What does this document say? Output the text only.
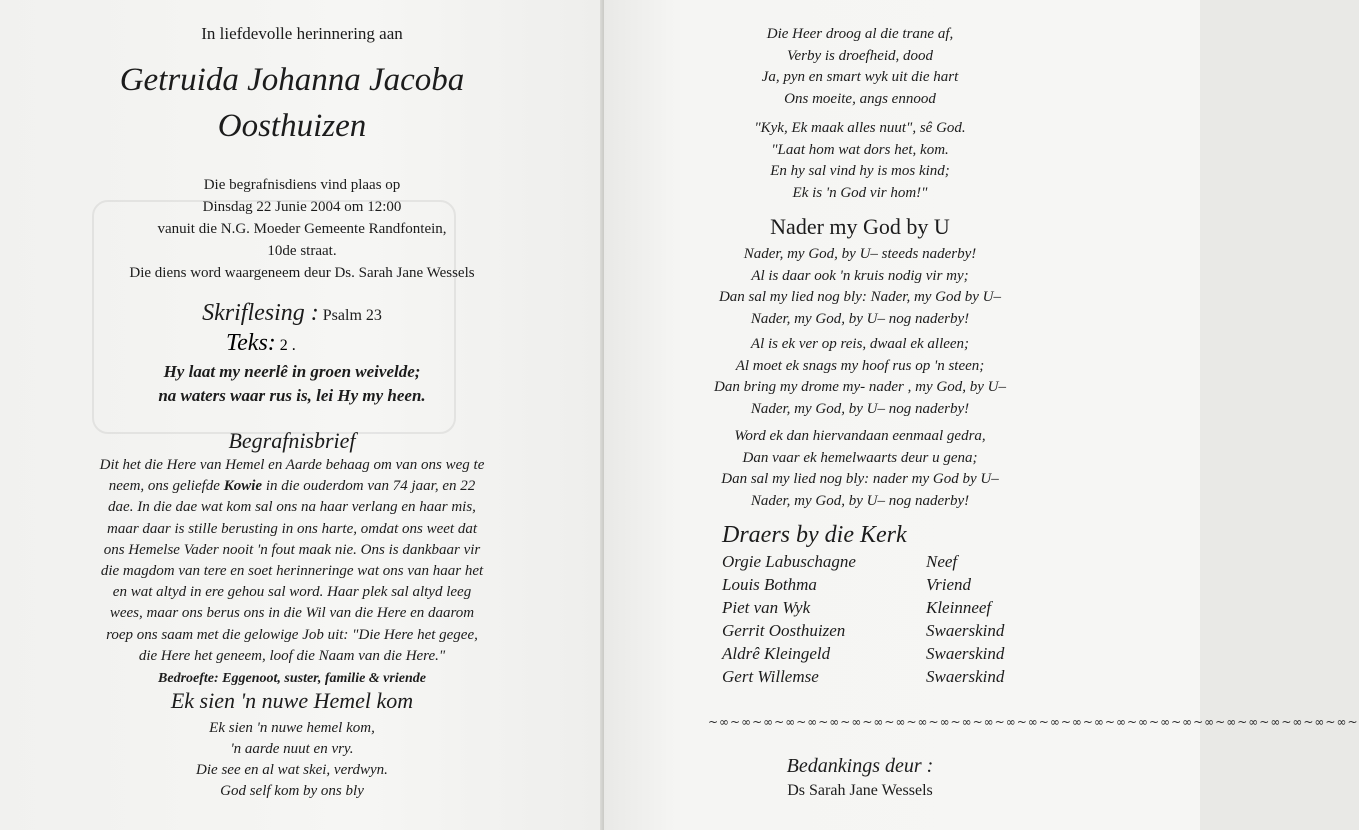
In liefdevolle herinnering aan
Getruida Johanna Jacoba
Oosthuizen
Die begrafnisdiens vind plaas op
Dinsdag 22 Junie 2004 om 12:00
vanuit die N.G. Moeder Gemeente Randfontein,
10de straat.
Die diens word waargeneem deur Ds. Sarah Jane Wessels
Skriflesing : Psalm 23
Teks: 2 .
Hy laat my neerlê in groen weivelde;
na waters waar rus is, lei Hy my heen.
Begrafnisbrief
Dit het die Here van Hemel en Aarde behaag om van ons weg te
neem, ons geliefde Kowie in die ouderdom van 74 jaar, en 22
dae. In die dae wat kom sal ons na haar verlang en haar mis,
maar daar is stille berusting in ons harte, omdat ons weet dat
ons Hemelse Vader nooit 'n fout maak nie. Ons is dankbaar vir
die magdom van tere en soet herinneringe wat ons van haar het
en wat altyd in ere gehou sal word. Haar plek sal altyd leeg
wees, maar ons berus ons in die Wil van die Here en daarom
roep ons saam met die gelowige Job uit: "Die Here het gegee,
die Here het geneem, loof die Naam van die Here."
Bedroefte: Eggenoot, suster, familie & vriende
Ek sien 'n nuwe Hemel kom
Ek sien 'n nuwe hemel kom,
'n aarde nuut en vry.
Die see en al wat skei, verdwyn.
God self kom by ons bly
Die Heer droog al die trane af,
Verby is droefheid, dood
Ja, pyn en smart wyk uit die hart
Ons moeite, angs ennood
"Kyk, Ek maak alles nuut", sê God.
"Laat hom wat dors het, kom.
En hy sal vind hy is mos kind;
Ek is 'n God vir hom!"
Nader my God by U
Nader, my God, by U– steeds naderby!
Al is daar ook 'n kruis nodig vir my;
Dan sal my lied nog bly: Nader, my God by U–
Nader, my God, by U– nog naderby!
Al is ek ver op reis, dwaal ek alleen;
Al moet ek snags my hoof rus op 'n steen;
Dan bring my drome my- nader , my God, by U–
Nader, my God, by U– nog naderby!
Word ek dan hiervandaan eenmaal gedra,
Dan vaar ek hemelwaarts deur u gena;
Dan sal my lied nog bly: nader my God by U–
Nader, my God, by U– nog naderby!
Draers by die Kerk
Orgie Labuschagne	Neef
Louis Bothma	Vriend
Piet van Wyk	Kleinneef
Gerrit Oosthuizen	Swaerskind
Aldrê Kleingeld	Swaerskind
Gert Willemse	Swaerskind
~∞~∞~∞~∞~∞~∞~∞~∞~∞~∞~∞~∞~∞~∞~∞~∞~∞~∞~∞~∞~∞~∞~∞~∞~∞~∞~∞~∞~∞~
Bedankings deur :
Ds Sarah Jane Wessels
